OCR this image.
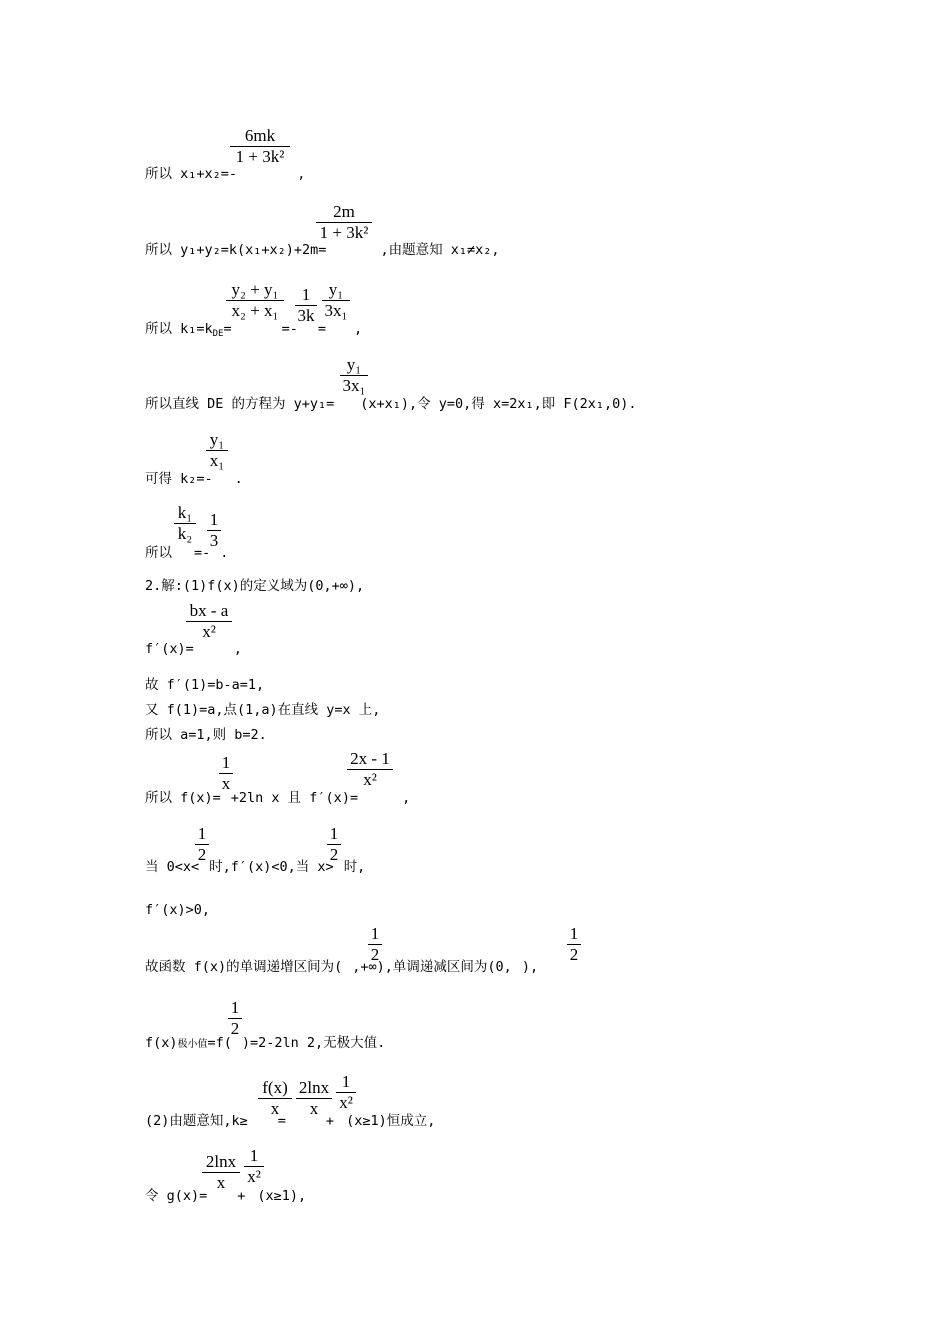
所以 x₁+x₂=-	,
$\frac{6mk}{\text{1 + 3k²}}$
所以 y₁+y₂=k(x₁+x₂)+2m=	,由题意知 x₁≠x₂,
$\frac{2m}{\text{1 + 3k²}}$
所以 $k_1=k_{DE}=$	=- = ,
$\frac{\text{y₂ + y₁}}{\text{x₂ + x₁}} \frac{1}{3k} \frac{\text{y₁}}{\text{3x₁}}$
所以直线 DE 的方程为 y+y₁= (x+x₁),令 y=0,得 x=2x₁,即 F(2x₁,0).
$\frac{\text{y₁}}{\text{3x₁}}$
可得 k₂=- .
$\frac{\text{y₁}}{\text{x₁}}$
所以 =- .
$\frac{\text{k₁}}{\text{k₂}} \frac{1}{3}$
2.解:(1)f(x)的定义域为(0,+∞),
f′(x)=	,
$\frac{bx - a}{\text{x²}}$
故 f′(1)=b-a=1,
又 f(1)=a,点(1,a)在直线 y=x 上,
所以 a=1,则 b=2.
所以 f(x)= +2ln x 且 f′(x)=	,
$\frac{1}{x}$	$\frac{2x - 1}{\text{x²}}$
当 0<x< 时,f′(x)<0,当 x> 时,
$\frac{1}{2}$	$\frac{1}{2}$
f′(x)>0,
故函数 f(x)的单调递增区间为( ,+∞),单调递减区间为(0, ),
$\frac{1}{2}$	$\frac{1}{2}$
f(x)极小值=f( )=2-2ln 2,无极大值.
$\frac{1}{2}$
(2)由题意知,k≥ =	+ (x≥1)恒成立,
$\frac{f(x)}{x} \frac{2\ln x}{x} \frac{1}{\text{x²}}$
令 g(x)= + (x≥1),
$\frac{2\ln x}{x} \frac{1}{\text{x²}}$
